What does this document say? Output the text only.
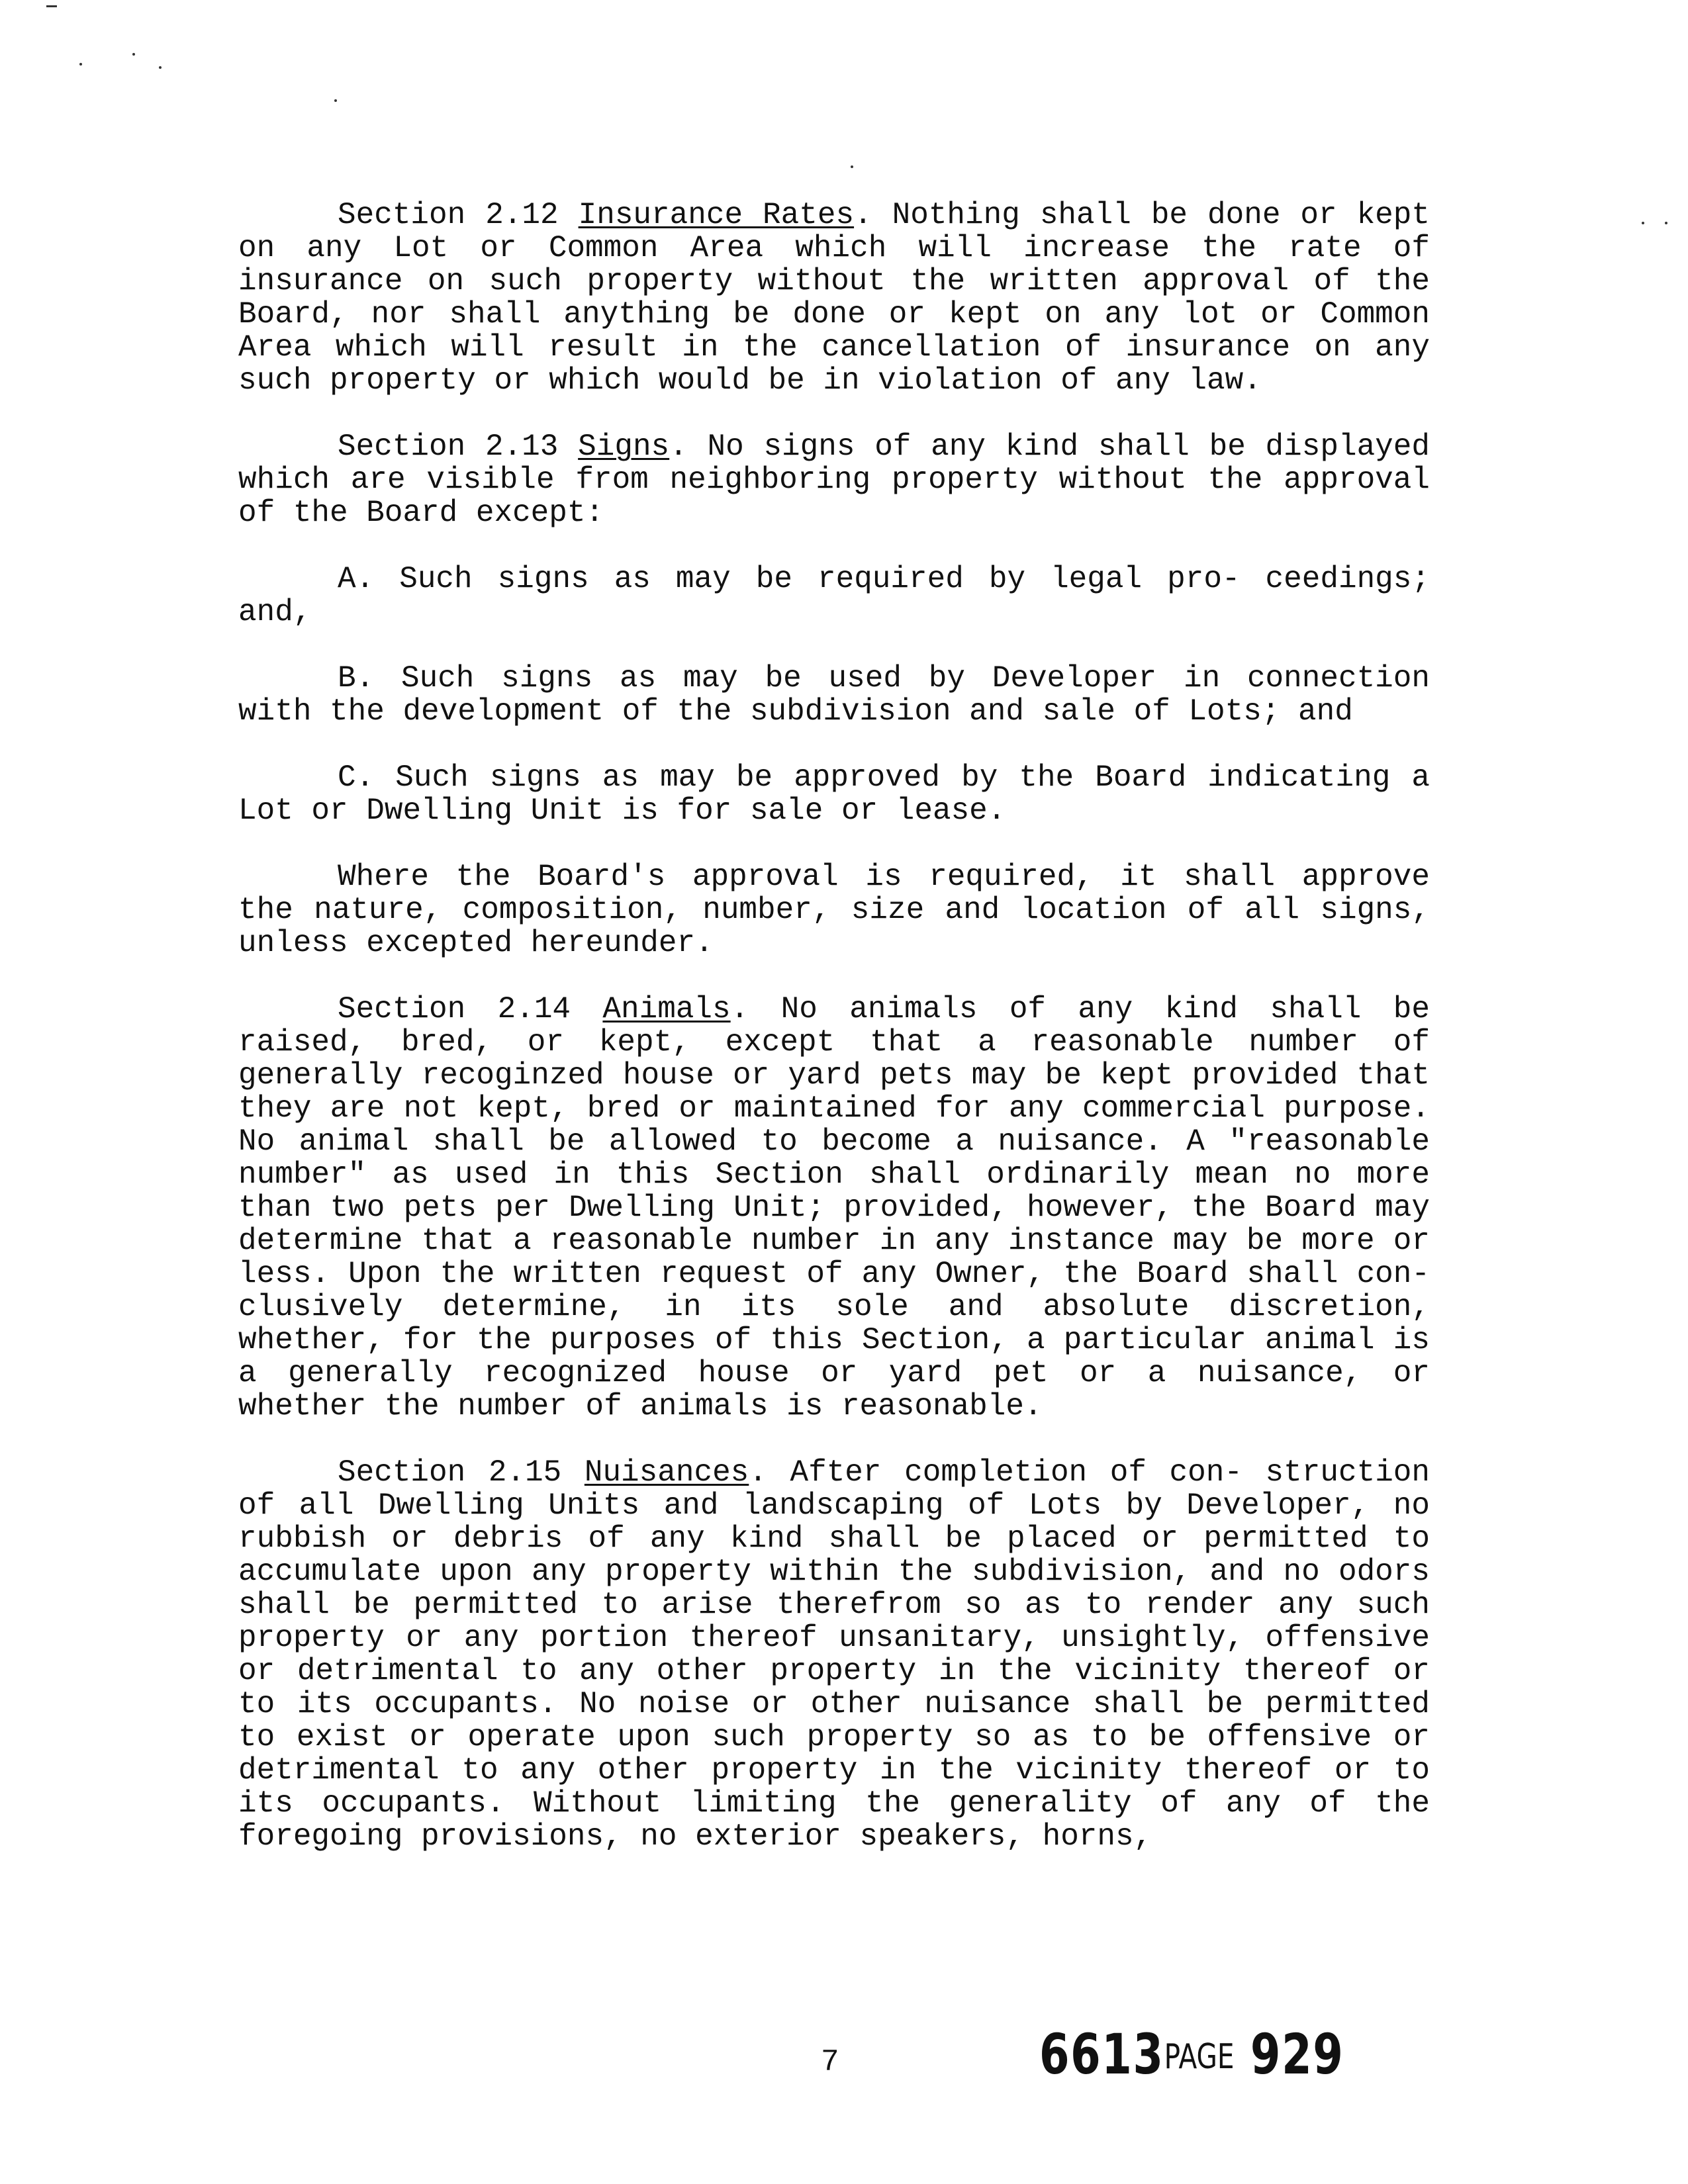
Section 2.12 Insurance Rates. Nothing shall be done or kept on any Lot or Common Area which will increase the rate of insurance on such property without the written approval of the Board, nor shall anything be done or kept on any lot or Common Area which will result in the cancellation of insurance on any such property or which would be in violation of any law.

Section 2.13 Signs. No signs of any kind shall be displayed which are visible from neighboring property without the approval of the Board except:

A. Such signs as may be required by legal pro- ceedings; and,

B. Such signs as may be used by Developer in connection with the development of the subdivision and sale of Lots; and

C. Such signs as may be approved by the Board indicating a Lot or Dwelling Unit is for sale or lease.

Where the Board's approval is required, it shall approve the nature, composition, number, size and location of all signs, unless excepted hereunder.

Section 2.14 Animals. No animals of any kind shall be raised, bred, or kept, except that a reasonable number of generally recoginzed house or yard pets may be kept provided that they are not kept, bred or maintained for any commercial purpose. No animal shall be allowed to become a nuisance. A "reasonable number" as used in this Section shall ordinarily mean no more than two pets per Dwelling Unit; provided, however, the Board may determine that a reasonable number in any instance may be more or less. Upon the written request of any Owner, the Board shall con- clusively determine, in its sole and absolute discretion, whether, for the purposes of this Section, a particular animal is a generally recognized house or yard pet or a nuisance, or whether the number of animals is reasonable.

Section 2.15 Nuisances. After completion of con- struction of all Dwelling Units and landscaping of Lots by Developer, no rubbish or debris of any kind shall be placed or permitted to accumulate upon any property within the subdivision, and no odors shall be permitted to arise therefrom so as to render any such property or any portion thereof unsanitary, unsightly, offensive or detrimental to any other property in the vicinity thereof or to its occupants. No noise or other nuisance shall be permitted to exist or operate upon such property so as to be offensive or detrimental to any other property in the vicinity thereof or to its occupants. Without limiting the generality of any of the foregoing provisions, no exterior speakers, horns,

7	6613PAGE 929
